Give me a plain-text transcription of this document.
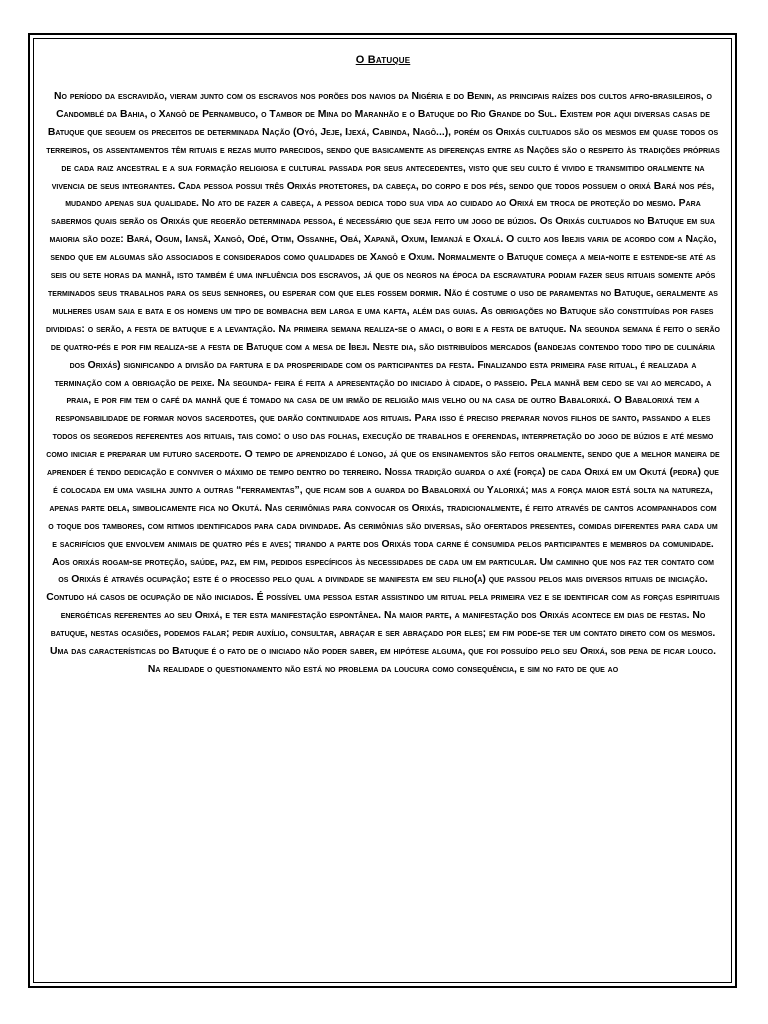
O Batuque

No período da escravidão, vieram junto com os escravos nos porões dos navios da Nigéria e do Benin, as principais raízes dos cultos afro-brasileiros, o Candomblé da Bahia, o Xangô de Pernambuco, o Tambor de Mina do Maranhão e o Batuque do Rio Grande do Sul. Existem por aqui diversas casas de Batuque que seguem os preceitos de determinada Nação (Oyó, Jeje, Ijexá, Cabinda, Nagô...), porém os Orixás cultuados são os mesmos em quase todos os terreiros, os assentamentos têm rituais e rezas muito parecidos, sendo que basicamente as diferenças entre as Nações são o respeito às tradições próprias de cada raiz ancestral e a sua formação religiosa e cultural passada por seus antecedentes, visto que seu culto é vivido e transmitido oralmente na vivencia de seus integrantes. Cada pessoa possui três Orixás protetores, da cabeça, do corpo e dos pés, sendo que todos possuem o orixá Bará nos pés, mudando apenas sua qualidade. No ato de fazer a cabeça, a pessoa dedica todo sua vida ao cuidado ao Orixá em troca de proteção do mesmo. Para sabermos quais serão os Orixás que regerão determinada pessoa, é necessário que seja feito um jogo de búzios. Os Orixás cultuados no Batuque em sua maioria são doze: Bará, Ogum, Iansã, Xangô, Odé, Otim, Ossanhe, Obá, Xapanã, Oxum, Iemanjá e Oxalá. O culto aos Ibejis varia de acordo com a Nação, sendo que em algumas são associados e considerados como qualidades de Xangô e Oxum. Normalmente o Batuque começa a meia-noite e estende-se até as seis ou sete horas da manhã, isto também é uma influência dos escravos, já que os negros na época da escravatura podiam fazer seus rituais somente após terminados seus trabalhos para os seus senhores, ou esperar com que eles fossem dormir. Não é costume o uso de paramentas no Batuque, geralmente as mulheres usam saia e bata e os homens um tipo de bombacha bem larga e uma kafta, além das guias. As obrigações no Batuque são constituídas por fases divididas: o serão, a festa de batuque e a levantação. Na primeira semana realiza-se o amaci, o bori e a festa de batuque. Na segunda semana é feito o serão de quatro-pés e por fim realiza-se a festa de Batuque com a mesa de Ibeji. Neste dia, são distribuídos mercados (bandejas contendo todo tipo de culinária dos Orixás) significando a divisão da fartura e da prosperidade com os participantes da festa. Finalizando esta primeira fase ritual, é realizada a terminação com a obrigação de peixe. Na segunda- feira é feita a apresentação do iniciado à cidade, o passeio. Pela manhã bem cedo se vai ao mercado, a praia, e por fim tem o café da manhã que é tomado na casa de um irmão de religião mais velho ou na casa de outro Babalorixá. O Babalorixá tem a responsabilidade de formar novos sacerdotes, que darão continuidade aos rituais. Para isso é preciso preparar novos filhos de santo, passando a eles todos os segredos referentes aos rituais, tais como: o uso das folhas, execução de trabalhos e oferendas, interpretação do jogo de búzios e até mesmo como iniciar e preparar um futuro sacerdote. O tempo de aprendizado é longo, já que os ensinamentos são feitos oralmente, sendo que a melhor maneira de aprender é tendo dedicação e conviver o máximo de tempo dentro do terreiro. Nossa tradição guarda o axé (força) de cada Orixá em um Okutá (pedra) que é colocada em uma vasilha junto a outras “ferramentas”, que ficam sob a guarda do Babalorixá ou Yalorixá; mas a força maior está solta na natureza, apenas parte dela, simbolicamente fica no Okutá. Nas cerimônias para convocar os Orixás, tradicionalmente, é feito através de cantos acompanhados com o toque dos tambores, com ritmos identificados para cada divindade. As cerimônias são diversas, são ofertados presentes, comidas diferentes para cada um e sacrifícios que envolvem animais de quatro pés e aves; tirando a parte dos Orixás toda carne é consumida pelos participantes e membros da comunidade. Aos orixás rogam-se proteção, saúde, paz, em fim, pedidos específicos às necessidades de cada um em particular. Um caminho que nos faz ter contato com os Orixás é através ocupação; este é o processo pelo qual a divindade se manifesta em seu filho(a) que passou pelos mais diversos rituais de iniciação. Contudo há casos de ocupação de não iniciados. É possível uma pessoa estar assistindo um ritual pela primeira vez e se identificar com as forças espirituais energéticas referentes ao seu Orixá, e ter esta manifestação espontânea. Na maior parte, a manifestação dos Orixás acontece em dias de festas. No batuque, nestas ocasiões, podemos falar; pedir auxílio, consultar, abraçar e ser abraçado por eles; em fim pode-se ter um contato direto com os mesmos. Uma das características do Batuque é o fato de o iniciado não poder saber, em hipótese alguma, que foi possuído pelo seu Orixá, sob pena de ficar louco. Na realidade o questionamento não está no problema da loucura como consequência, e sim no fato de que ao
